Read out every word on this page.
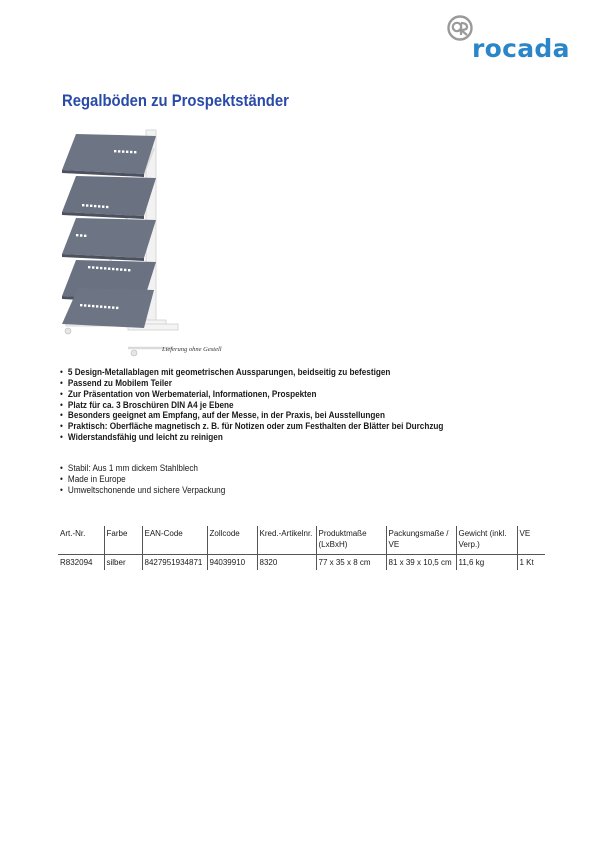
rocada
Regalböden zu Prospektständer
Lieferung ohne Gestell
• 5 Design-Metallablagen mit geometrischen Aussparungen, beidseitig zu befestigen
• Passend zu Mobilem Teiler
• Zur Präsentation von Werbematerial, Informationen, Prospekten
• Platz für ca. 3 Broschüren DIN A4 je Ebene
• Besonders geeignet am Empfang, auf der Messe, in der Praxis, bei Ausstellungen
• Praktisch: Oberfläche magnetisch z. B. für Notizen oder zum Festhalten der Blätter bei Durchzug
• Widerstandsfähig und leicht zu reinigen
• Stabil: Aus 1 mm dickem Stahlblech
• Made in Europe
• Umweltschonende und sichere Verpackung
Art.-Nr.	Farbe	EAN-Code	Zollcode	Kred.-Artikelnr.	Produktmaße (LxBxH)	Packungsmaße / VE	Gewicht (inkl. Verp.)	VE
R832094	silber	8427951934871	94039910	8320	77 x 35 x 8 cm	81 x 39 x 10,5 cm	11,6 kg	1 Kt
